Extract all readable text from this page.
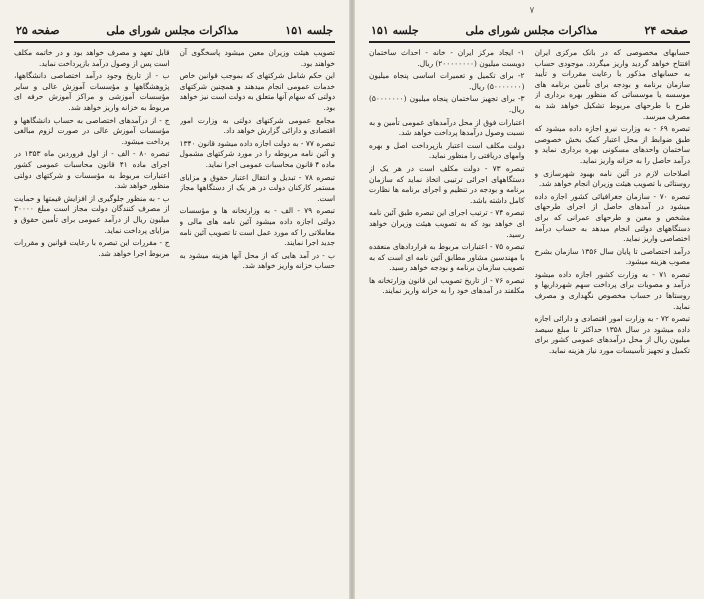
٧
صفحه ۲۴
مذاکرات مجلس شورای ملی
جلسه ۱۵۱

حسابهای مخصوصی که در بانک مرکزی ایران افتتاح خواهد گردید واریز میگردد. موجودی حساب به حسابهای مذکور با رعایت مقررات و تأیید سازمان برنامه و بودجه برای تأمین برنامه های موسسه یا موسساتی که منظور بهره برداری از طرح با طرحهای مربوط تشکیل خواهد شد به مصرف میرسد.

تبصره ۶۹ - به وزارت نیرو اجازه داده میشود که طبق ضوابط از محل اعتبار کمک بخش خصوصی ساختمان واحدهای مسکونی بهره برداری نماید و درآمد حاصل را به خزانه واریز نماید.

اصلاحات لازم در آئین نامه بهبود شهرسازی و روستائی با تصویب هیئت وزیران انجام خواهد شد.

تبصره ۷۰ - سازمان جغرافیائی کشور اجازه داده میشود در آمدهای حاصل از اجرای طرحهای مشخص و معین و طرحهای عمرانی که برای دستگاههای دولتی انجام میدهد به حساب درآمد اختصاصی واریز نماید.

درآمد اختصاصی تا پایان سال ۱۳۵۶ سازمان بشرح مصوب هزینه میشود.

تبصره ۷۱ - به وزارت کشور اجازه داده میشود درآمد و مصوبات برای پرداخت سهم شهرداریها و روستاها در حساب مخصوص نگهداری و مصرف نماید.

تبصره ۷۲ - به وزارت امور اقتصادی و دارائی اجازه داده میشود در سال ۱۳۵۸ حداکثر تا مبلغ سیصد میلیون ریال از محل درآمدهای عمومی کشور برای تکمیل و تجهیز تأسیسات مورد نیاز هزینه نماید.

۱- ایجاد مرکز ایران - خانه - احداث ساختمان دویست میلیون (۲۰۰۰۰۰۰۰۰) ریال.

۲- برای تکمیل و تعمیرات اساسی پنجاه میلیون (۵۰۰۰۰۰۰۰) ریال.

۳- برای تجهیز ساختمان پنجاه میلیون (۵۰۰۰۰۰۰۰) ریال.

اعتبارات فوق از محل درآمدهای عمومی تأمین و به نسبت وصول درآمدها پرداخت خواهد شد.

دولت مکلف است اعتبار بازپرداخت اصل و بهره وامهای دریافتی را منظور نماید.

تبصره ۷۳ - دولت مکلف است در هر یک از دستگاههای اجرائی ترتیبی اتخاذ نماید که سازمان برنامه و بودجه در تنظیم و اجرای برنامه ها نظارت کامل داشته باشد.

تبصره ۷۴ - ترتیب اجرای این تبصره طبق آئین نامه ای خواهد بود که به تصویب هیئت وزیران خواهد رسید.

تبصره ۷۵ - اعتبارات مربوط به قراردادهای منعقده با مهندسین مشاور مطابق آئین نامه ای است که به تصویب سازمان برنامه و بودجه خواهد رسید.

تبصره ۷۶ - از تاریخ تصویب این قانون وزارتخانه ها مکلفند در آمدهای خود را به خزانه واریز نمایند.

جلسه ۱۵۱
مذاکرات مجلس شورای ملی
صفحه ۲۵

تصویب هیئت وزیران معین میشود پاسخگوی آن خواهند بود.

این حکم شامل شرکتهای که بموجب قوانین خاص خدمات عمومی انجام میدهند و همچنین شرکتهای دولتی که سهام آنها متعلق به دولت است نیز خواهد بود.

مجامع عمومی شرکتهای دولتی به وزارت امور اقتصادی و دارائی گزارش خواهد داد.

تبصره ۷۷ - به دولت اجازه داده میشود قانون ۱۳۴۰ و آئین نامه مربوطه را در مورد شرکتهای مشمول ماده ۴ قانون محاسبات عمومی اجرا نماید.

تبصره ۷۸ - تبدیل و انتقال اعتبار حقوق و مزایای مستمر کارکنان دولت در هر یک از دستگاهها مجاز است.

تبصره ۷۹ - الف - به وزارتخانه ها و مؤسسات دولتی اجازه داده میشود آئین نامه های مالی و معاملاتی را که مورد عمل است تا تصویب آئین نامه جدید اجرا نمایند.

ب - در آمد هایی که از محل آنها هزینه میشود به حساب خزانه واریز خواهد شد.

قابل تعهد و مصرف خواهد بود و در خاتمه مکلف است پس از وصول درآمد بازپرداخت نماید.

ب - از تاریخ وجود درآمد اختصاصی دانشگاهها، پژوهشگاهها و مؤسسات آموزش عالی و سایر مؤسسات آموزشی و مراکز آموزش حرفه ای مربوط به خزانه واریز خواهد شد.

ج - از درآمدهای اختصاصی به حساب دانشگاهها و مؤسسات آموزش عالی در صورت لزوم مبالغی پرداخت میشود.

تبصره ۸۰ - الف - از اول فروردین ماه ۱۳۵۳ در اجرای ماده ۴۱ قانون محاسبات عمومی کشور اعتبارات مربوط به مؤسسات و شرکتهای دولتی منظور خواهد شد.

ب - به منظور جلوگیری از افزایش قیمتها و حمایت از مصرف کنندگان دولت مجاز است مبلغ ۳۰۰۰۰ میلیون ریال از درآمد عمومی برای تأمین حقوق و مزایای پرداخت نماید.

ج - مقررات این تبصره با رعایت قوانین و مقررات مربوط اجرا خواهد شد.
